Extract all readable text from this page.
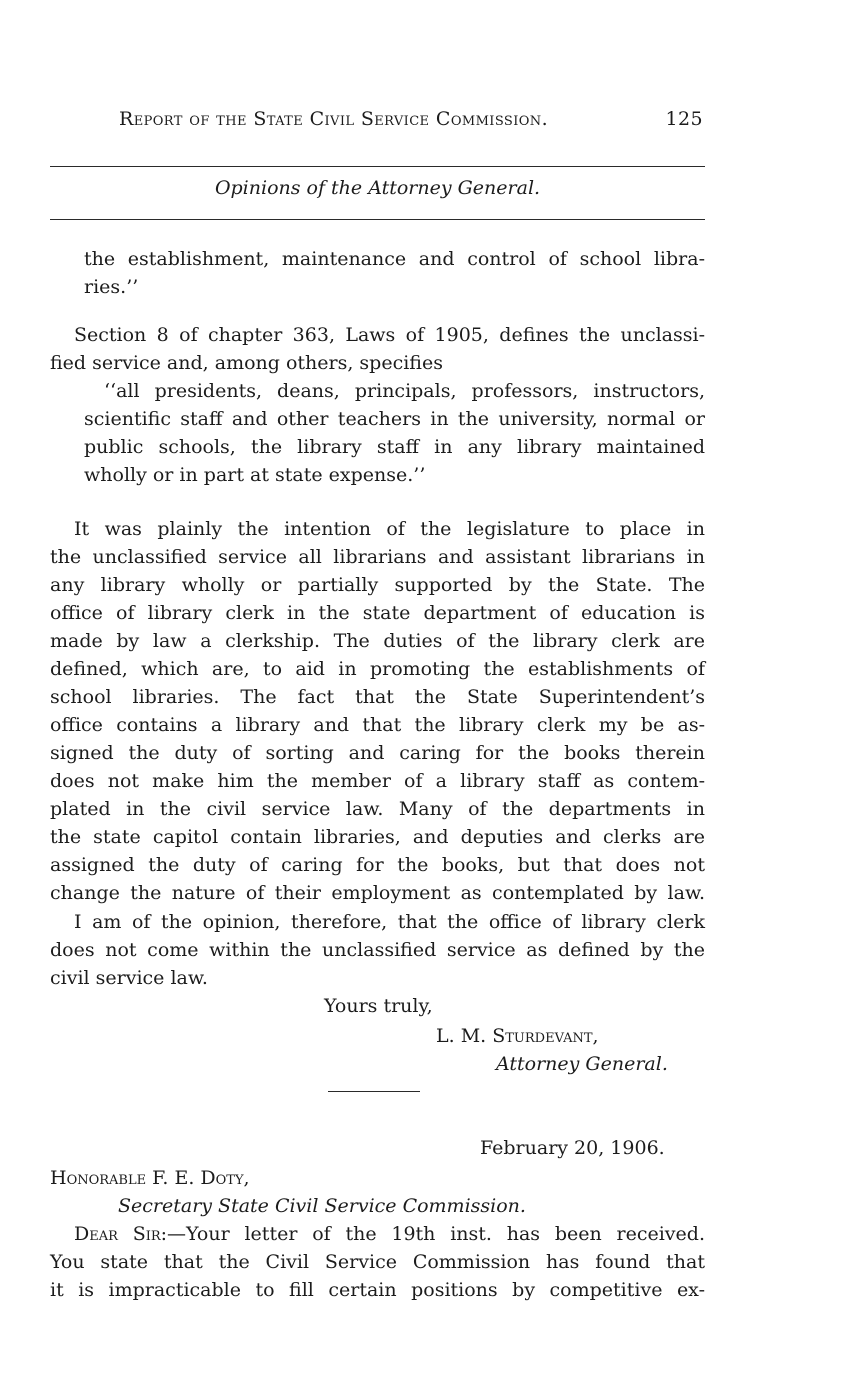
Report of the State Civil Service Commission.	125
Opinions of the Attorney General.
the establishment, maintenance and control of school libra-
ries.’’
Section 8 of chapter 363, Laws of 1905, defines the unclassi-
fied service and, among others, specifies
‘‘all presidents, deans, principals, professors, instructors,
scientific staff and other teachers in the university, normal or
public schools, the library staff in any library maintained
wholly or in part at state expense.’’
It was plainly the intention of the legislature to place in
the unclassified service all librarians and assistant librarians in
any library wholly or partially supported by the State. The
office of library clerk in the state department of education is
made by law a clerkship. The duties of the library clerk are
defined, which are, to aid in promoting the establishments of
school libraries. The fact that the State Superintendent’s
office contains a library and that the library clerk my be as-
signed the duty of sorting and caring for the books therein
does not make him the member of a library staff as contem-
plated in the civil service law. Many of the departments in
the state capitol contain libraries, and deputies and clerks are
assigned the duty of caring for the books, but that does not
change the nature of their employment as contemplated by law.
I am of the opinion, therefore, that the office of library clerk
does not come within the unclassified service as defined by the
civil service law.
Yours truly,
L. M. Sturdevant,
Attorney General.
February 20, 1906.
Honorable F. E. Doty,
Secretary State Civil Service Commission.
Dear Sir:—Your letter of the 19th inst. has been received.
You state that the Civil Service Commission has found that
it is impracticable to fill certain positions by competitive ex-
